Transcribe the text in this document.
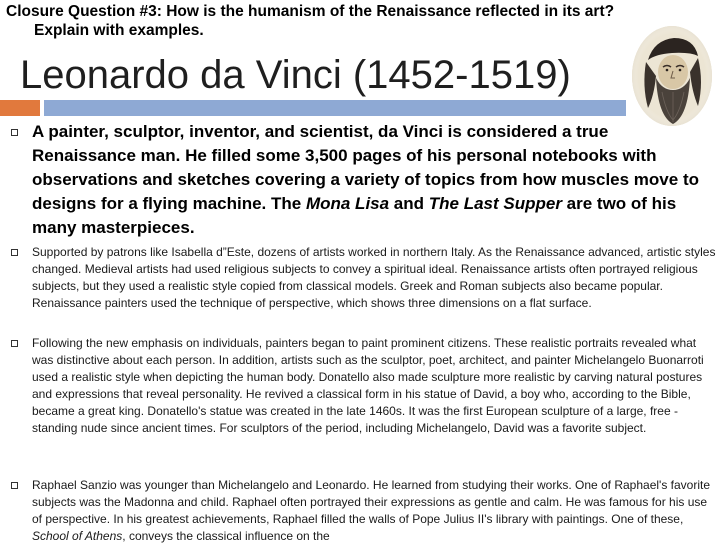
Closure Question #3: How is the humanism of the Renaissance reflected in its art?
Explain with examples.
Leonardo da Vinci (1452-1519)

A painter, sculptor, inventor, and scientist, da Vinci is considered a true Renaissance man. He filled some 3,500 pages of his personal notebooks with observations and sketches covering a variety of topics from how muscles move to designs for a flying machine. The Mona Lisa and The Last Supper are two of his many masterpieces.

Supported by patrons like Isabella d”Este, dozens of artists worked in northern Italy. As the Renaissance advanced, artistic styles changed. Medieval artists had used religious subjects to convey a spiritual ideal. Renaissance artists often portrayed religious subjects, but they used a realistic style copied from classical models. Greek and Roman subjects also became popular. Renaissance painters used the technique of perspective, which shows three dimensions on a flat surface.

Following the new emphasis on individuals, painters began to paint prominent citizens. These realistic portraits revealed what was distinctive about each person. In addition, artists such as the sculptor, poet, architect, and painter Michelangelo Buonarroti used a realistic style when depicting the human body. Donatello also made sculpture more realistic by carving natural postures and expressions that reveal personality. He revived a classical form in his statue of David, a boy who, according to the Bible, became a great king. Donatello's statue was created in the late 1460s. It was the first European sculpture of a large, free -standing nude since ancient times. For sculptors of the period, including Michelangelo, David was a favorite subject.

Raphael Sanzio was younger than Michelangelo and Leonardo. He learned from studying their works. One of Raphael's favorite subjects was the Madonna and child. Raphael often portrayed their expressions as gentle and calm. He was famous for his use of perspective. In his greatest achievements, Raphael filled the walls of Pope Julius II's library with paintings. One of these, School of Athens, conveys the classical influence on the
